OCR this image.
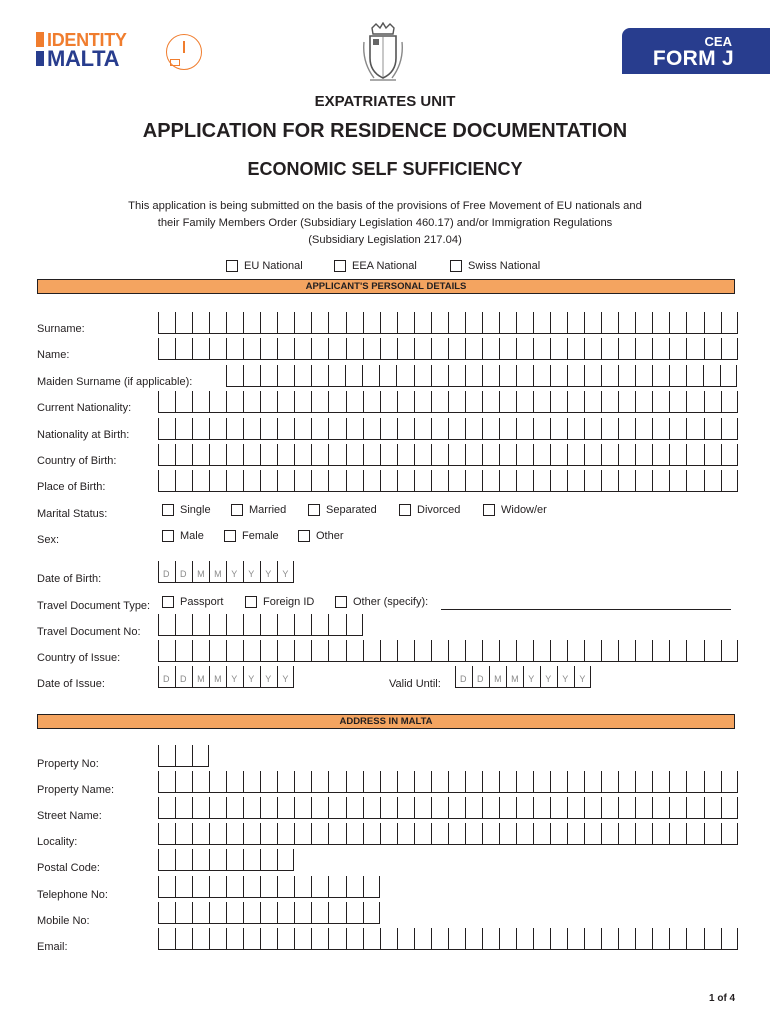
IDENTITY
MALTA
CEA
FORM J
EXPATRIATES UNIT
APPLICATION FOR RESIDENCE DOCUMENTATION
ECONOMIC SELF SUFFICIENCY
This application is being submitted on the basis of the provisions of Free Movement of EU nationals and
their Family Members Order (Subsidiary Legislation 460.17) and/or Immigration Regulations
(Subsidiary Legislation 217.04)
EU National	EEA National	Swiss National
APPLICANT'S PERSONAL DETAILS
Surname:
Name:
Maiden Surname (if applicable):
Current Nationality:
Nationality at Birth:
Country of Birth:
Place of Birth:
Marital Status:	Single	Married	Separated	Divorced	Widow/er
Sex:	Male	Female	Other
Date of Birth:	D D M M Y Y Y Y
Travel Document Type:	Passport	Foreign ID	Other (specify):
Travel Document No:
Country of Issue:
Date of Issue:	D D M M Y Y Y Y	Valid Until: D D M M Y Y Y Y
ADDRESS IN MALTA
Property No:
Property Name:
Street Name:
Locality:
Postal Code:
Telephone No:
Mobile No:
Email:
1 of 4
